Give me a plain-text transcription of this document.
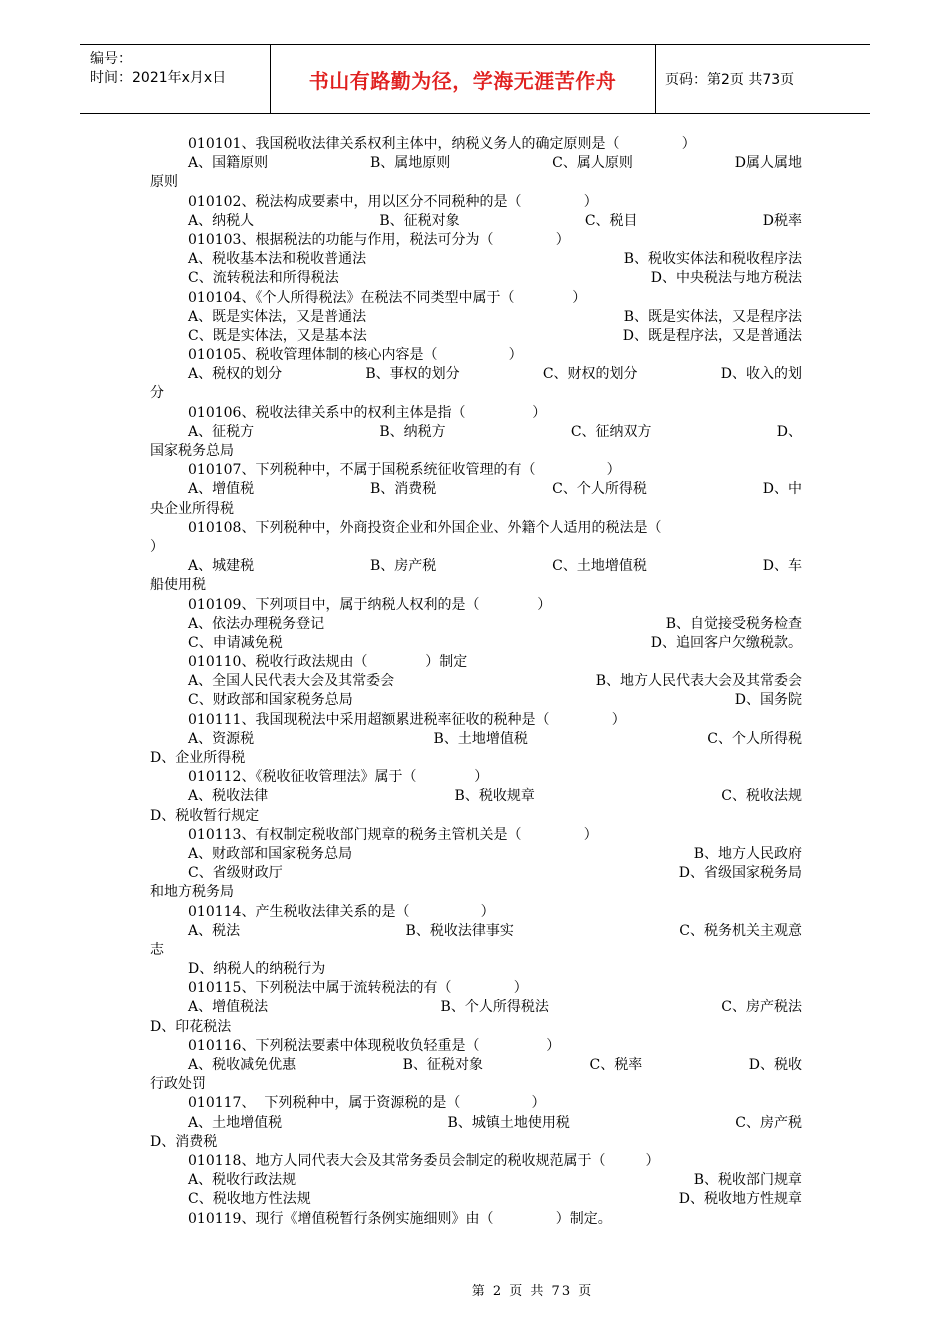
编号：
时间：2021年x月x日	书山有路勤为径，学海无涯苦作舟	页码：第2页 共73页
010101、我国税收法律关系权利主体中，纳税义务人的确定原则是（              ）
A、国籍原则	B、属地原则	C、属人原则	D属人属地
原则
010102、税法构成要素中，用以区分不同税种的是（              ）
A、纳税人	B、征税对象	C、税目	D税率
010103、根据税法的功能与作用，税法可分为（              ）
A、税收基本法和税收普通法	B、税收实体法和税收程序法
C、流转税法和所得税法	D、中央税法与地方税法
010104、《个人所得税法》在税法不同类型中属于（             ）
A、既是实体法，又是普通法	B、既是实体法，又是程序法
C、既是实体法，又是基本法	D、既是程序法，又是普通法
010105、税收管理体制的核心内容是（                ）
A、税权的划分	B、事权的划分	C、财权的划分	D、收入的划
分
010106、税收法律关系中的权利主体是指（               ）
A、征税方	B、纳税方	C、征纳双方	D、
国家税务总局
010107、下列税种中，不属于国税系统征收管理的有（                ）
A、增值税	B、消费税	C、个人所得税	D、中
央企业所得税
010108、下列税种中，外商投资企业和外国企业、外籍个人适用的税法是（
）
A、城建税	B、房产税	C、土地增值税	D、车
船使用税
010109、下列项目中，属于纳税人权利的是（             ）
A、依法办理税务登记	B、自觉接受税务检查
C、申请减免税	D、追回客户欠缴税款。
010110、税收行政法规由（             ）制定
A、全国人民代表大会及其常委会	B、地方人民代表大会及其常委会
C、财政部和国家税务总局	D、国务院
010111、我国现税法中采用超额累进税率征收的税种是（              ）
A、资源税	B、土地增值税	C、个人所得税
D、企业所得税
010112、《税收征收管理法》属于（             ）
A、税收法律	B、税收规章	C、税收法规
D、税收暂行规定
010113、有权制定税收部门规章的税务主管机关是（              ）
A、财政部和国家税务总局	B、地方人民政府
C、省级财政厅	D、省级国家税务局
和地方税务局
010114、产生税收法律关系的是（                ）
A、税法	B、税收法律事实	C、税务机关主观意
志
D、纳税人的纳税行为
010115、下列税法中属于流转税法的有（              ）
A、增值税法	B、个人所得税法	C、房产税法
D、印花税法
010116、下列税法要素中体现税收负轻重是（               ）
A、税收减免优惠	B、征税对象	C、税率	D、税收
行政处罚
010117、  下列税种中，属于资源税的是（                ）
A、土地增值税	B、城镇土地使用税	C、房产税
D、消费税
010118、地方人同代表大会及其常务委员会制定的税收规范属于（         ）
A、税收行政法规	B、税收部门规章
C、税收地方性法规	D、税收地方性规章
010119、现行《增值税暂行条例实施细则》由（              ）制定。
第 2 页 共 73 页
